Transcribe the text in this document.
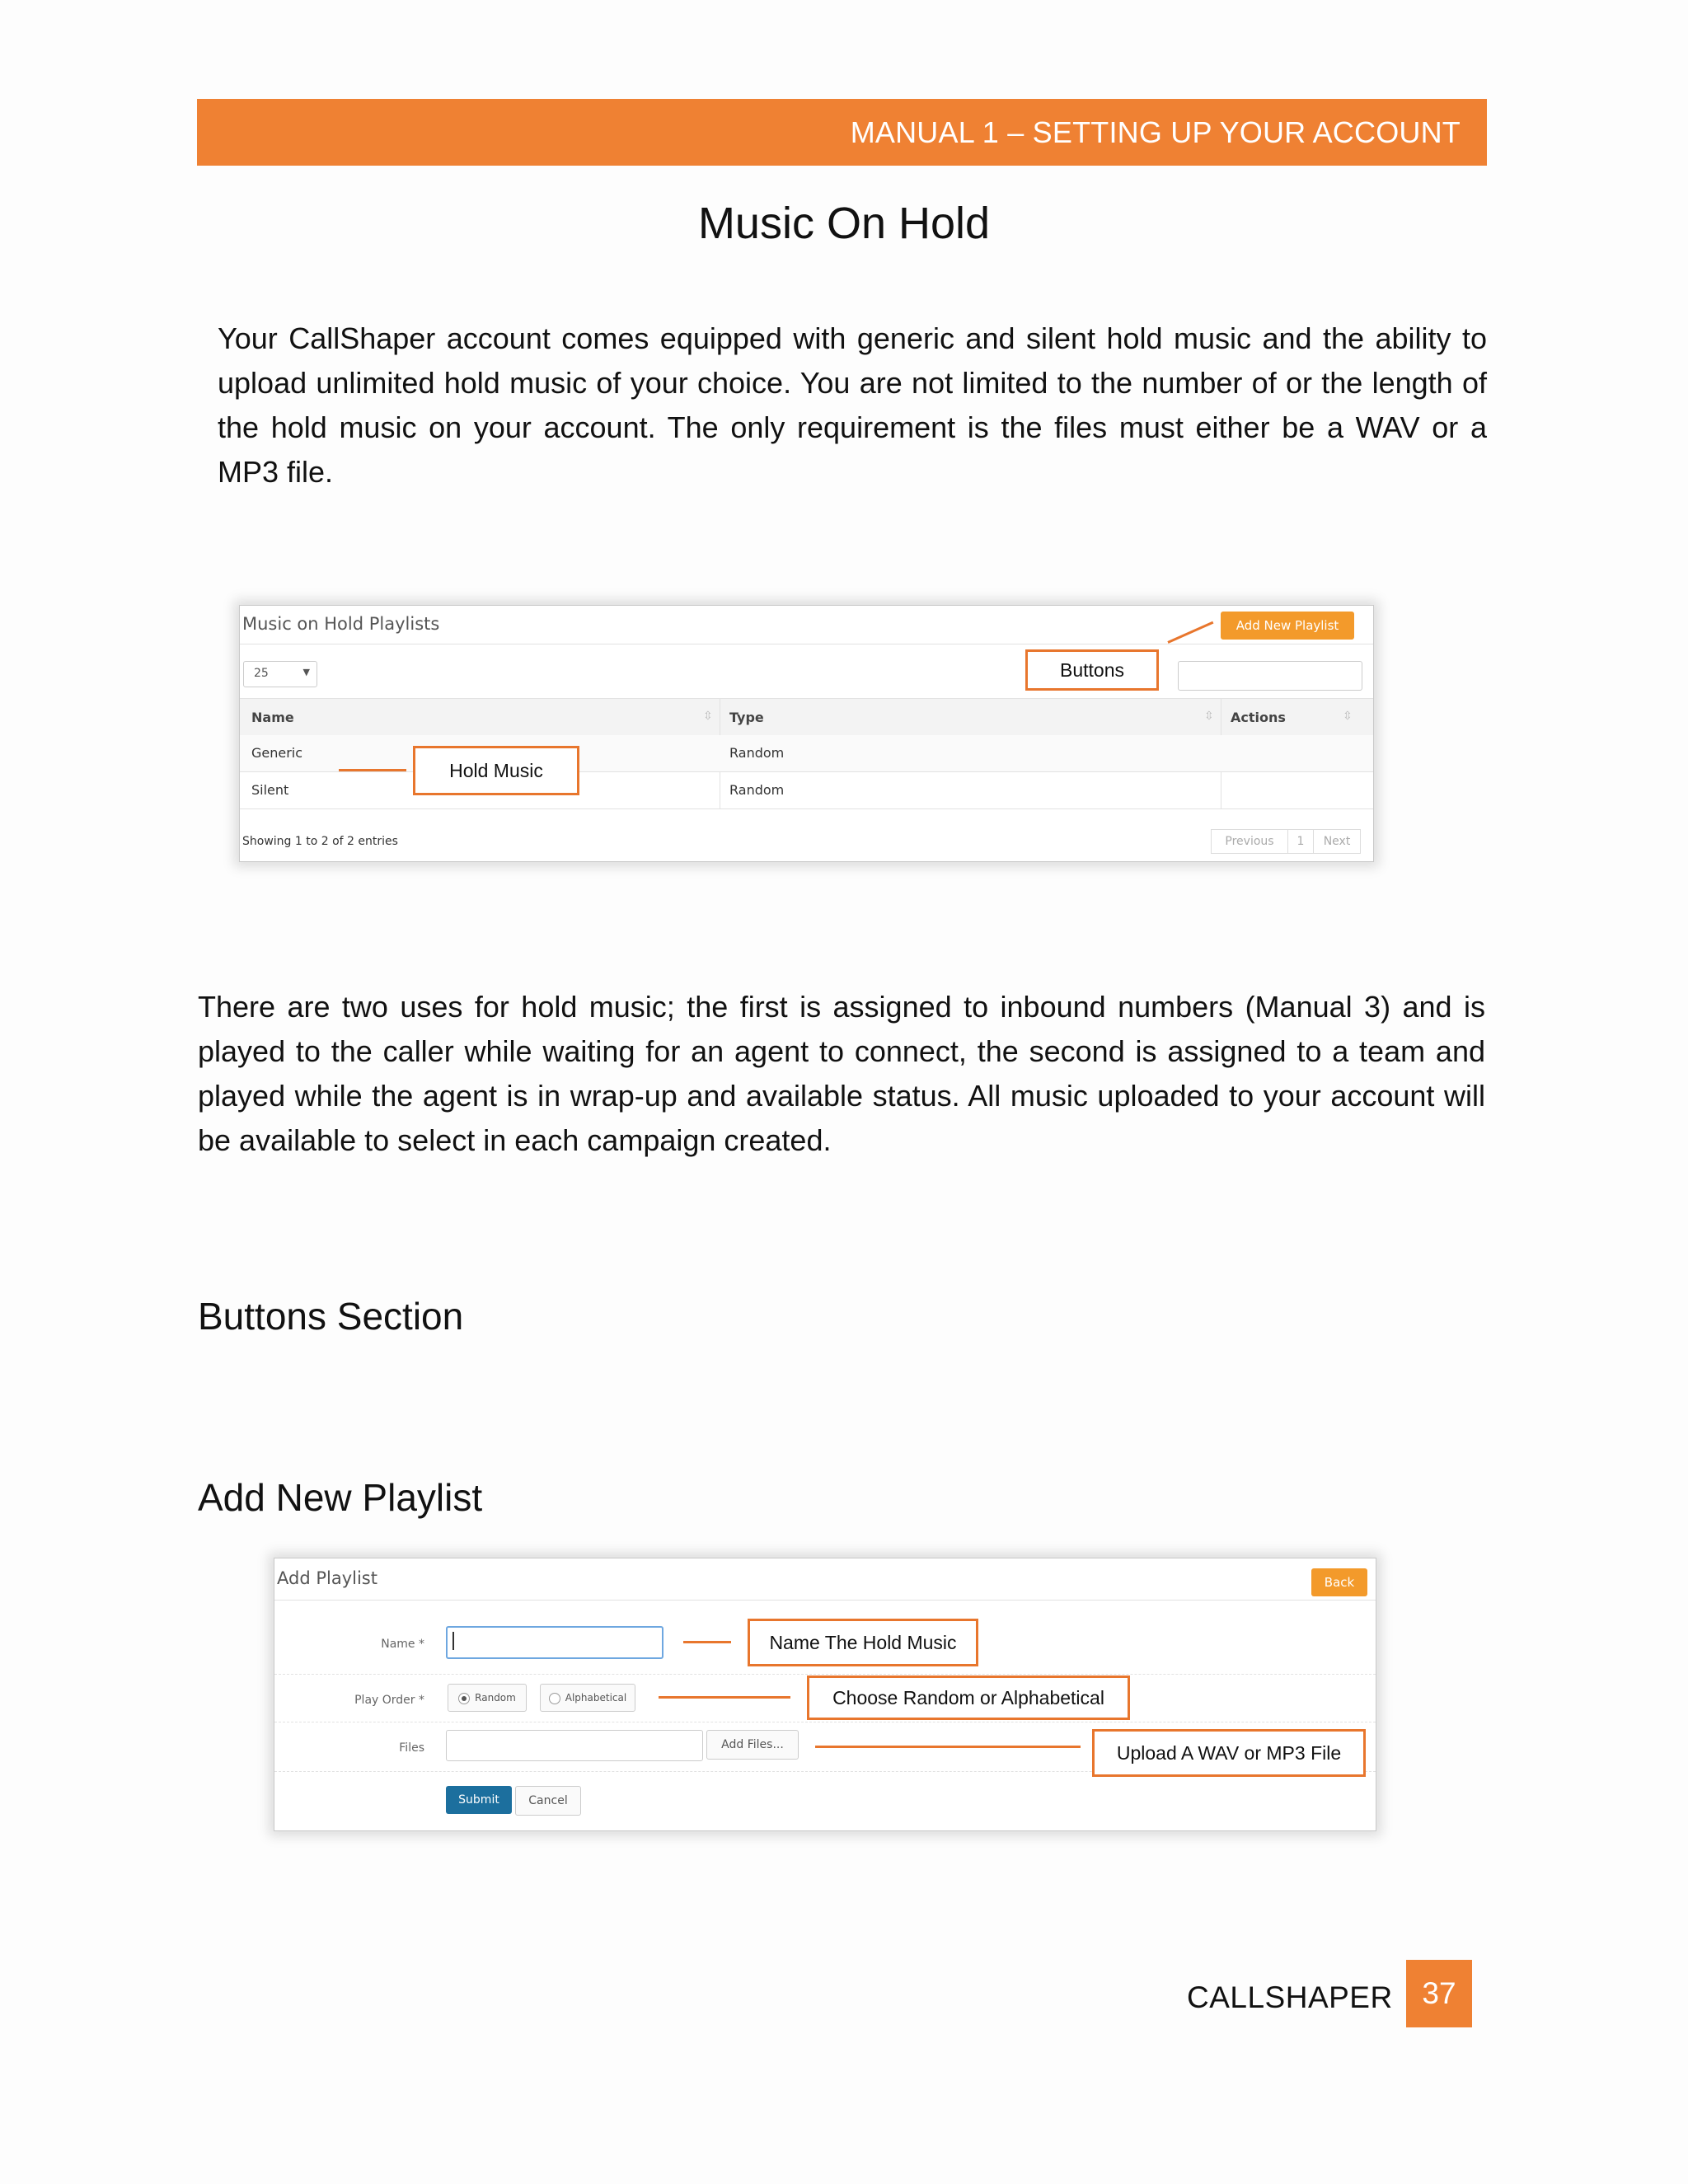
MANUAL 1 – SETTING UP YOUR ACCOUNT
Music On Hold
Your CallShaper account comes equipped with generic and silent hold music and the ability to upload unlimited hold music of your choice. You are not limited to the number of or the length of the hold music on your account. The only requirement is the files must either be a WAV or a MP3 file.
Music on Hold Playlists	Add New Playlist
25	▼
Name	⇳ Type	⇳ Actions	⇳
Generic	Random
Silent	Random
Showing 1 to 2 of 2 entries	Previous	1	Next
Buttons
Hold Music
There are two uses for hold music; the first is assigned to inbound numbers (Manual 3) and is played to the caller while waiting for an agent to connect, the second is assigned to a team and played while the agent is in wrap-up and available status. All music uploaded to your account will be available to select in each campaign created.
Buttons Section
Add New Playlist
Add Playlist	Back
Name *
Play Order *	Random	Alphabetical
Files	Add Files...
Submit	Cancel
Name The Hold Music
Choose Random or Alphabetical
Upload A WAV or MP3 File
CALLSHAPER 37
